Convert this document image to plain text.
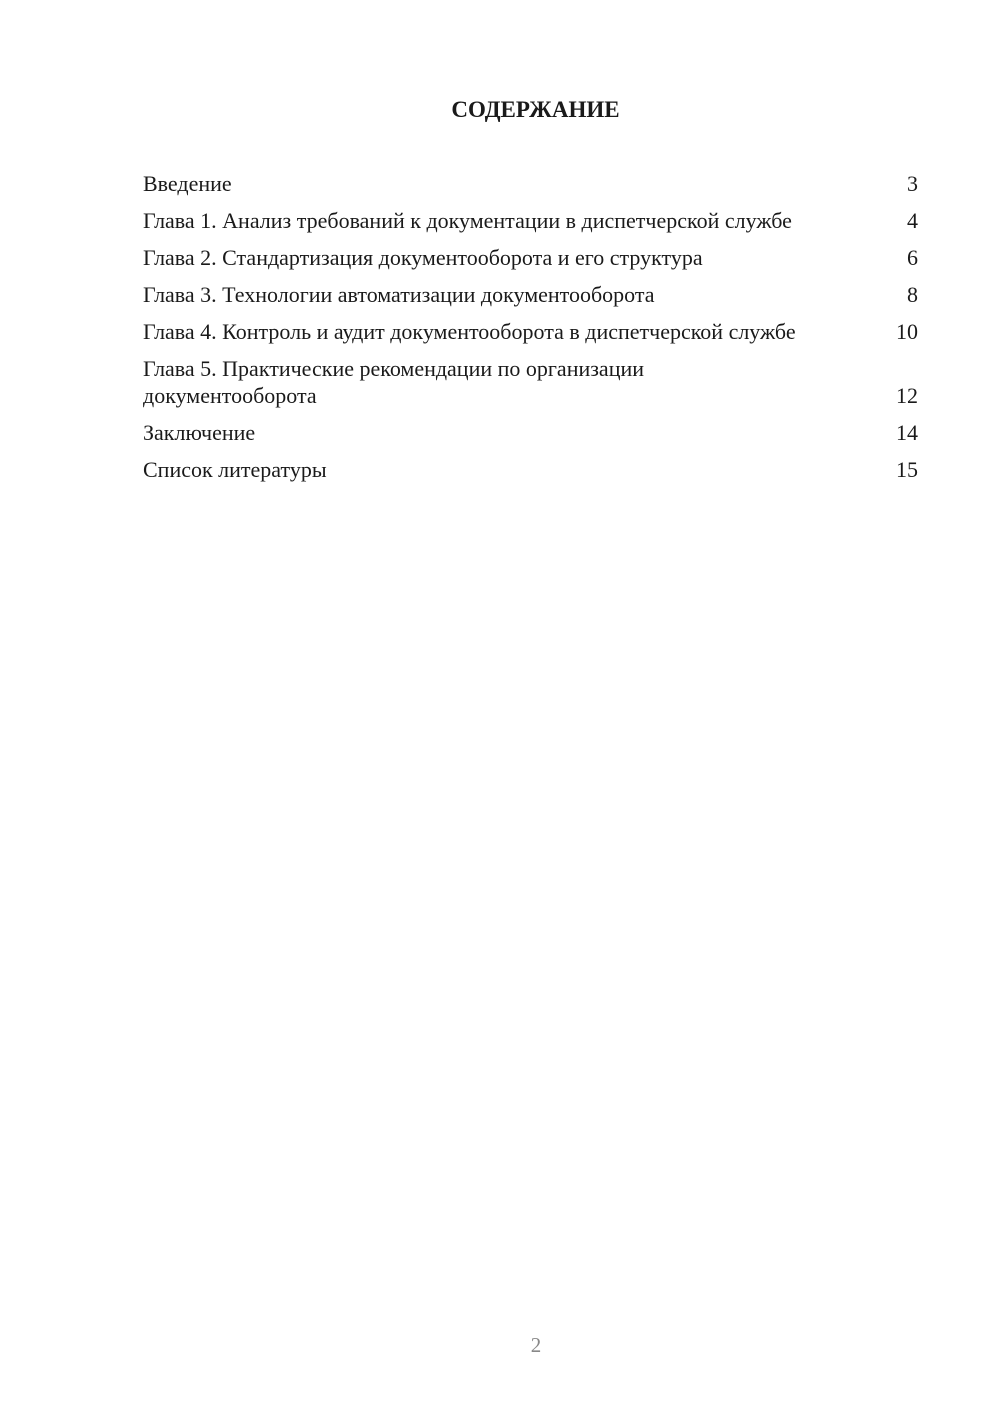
СОДЕРЖАНИЕ
Введение	3
Глава 1. Анализ требований к документации в диспетчерской службе	4
Глава 2. Стандартизация документооборота и его структура	6
Глава 3. Технологии автоматизации документооборота	8
Глава 4. Контроль и аудит документооборота в диспетчерской службе	10
Глава 5. Практические рекомендации по организации документооборота	12
Заключение	14
Список литературы	15
2
